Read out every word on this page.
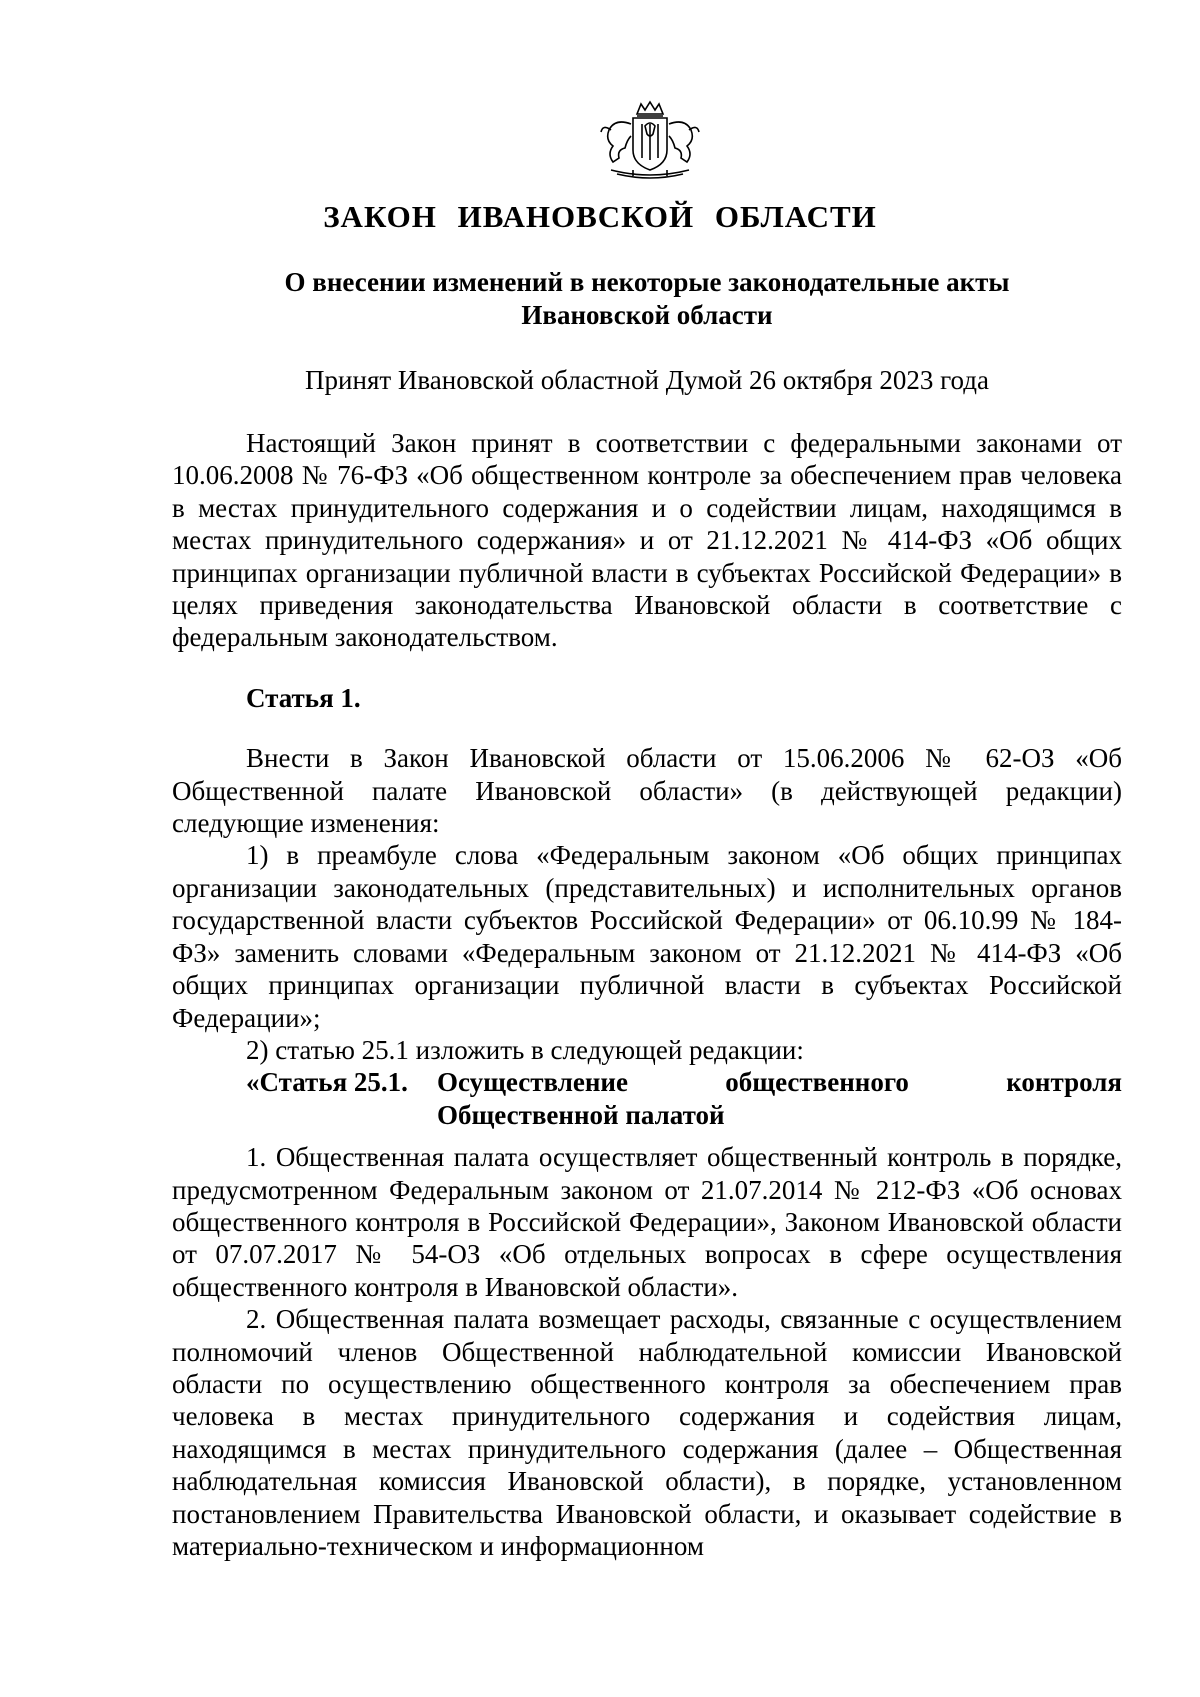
ЗАКОН ИВАНОВСКОЙ ОБЛАСТИ
О внесении изменений в некоторые законодательные акты
Ивановской области

Принят Ивановской областной Думой 26 октября 2023 года

Настоящий Закон принят в соответствии с федеральными законами от 10.06.2008 № 76-ФЗ «Об общественном контроле за обеспечением прав человека в местах принудительного содержания и о содействии лицам, находящимся в местах принудительного содержания» и от 21.12.2021 № 414-ФЗ «Об общих принципах организации публичной власти в субъектах Российской Федерации» в целях приведения законодательства Ивановской области в соответствие с федеральным законодательством.

Статья 1.

Внести в Закон Ивановской области от 15.06.2006 № 62-ОЗ «Об Общественной палате Ивановской области» (в действующей редакции) следующие изменения:

1) в преамбуле слова «Федеральным законом «Об общих принципах организации законодательных (представительных) и исполнительных органов государственной власти субъектов Российской Федерации» от 06.10.99 № 184-ФЗ» заменить словами «Федеральным законом от 21.12.2021 № 414-ФЗ «Об общих принципах организации публичной власти в субъектах Российской Федерации»;

2) статью 25.1 изложить в следующей редакции:

«Статья 25.1.	Осуществление	общественного	контроля
Общественной палатой

1. Общественная палата осуществляет общественный контроль в порядке, предусмотренном Федеральным законом от 21.07.2014 № 212-ФЗ «Об основах общественного контроля в Российской Федерации», Законом Ивановской области от 07.07.2017 № 54-ОЗ «Об отдельных вопросах в сфере осуществления общественного контроля в Ивановской области».

2. Общественная палата возмещает расходы, связанные с осуществлением полномочий членов Общественной наблюдательной комиссии Ивановской области по осуществлению общественного контроля за обеспечением прав человека в местах принудительного содержания и содействия лицам, находящимся в местах принудительного содержания (далее – Общественная наблюдательная комиссия Ивановской области), в порядке, установленном постановлением Правительства Ивановской области, и оказывает содействие в материально-техническом и информационном
